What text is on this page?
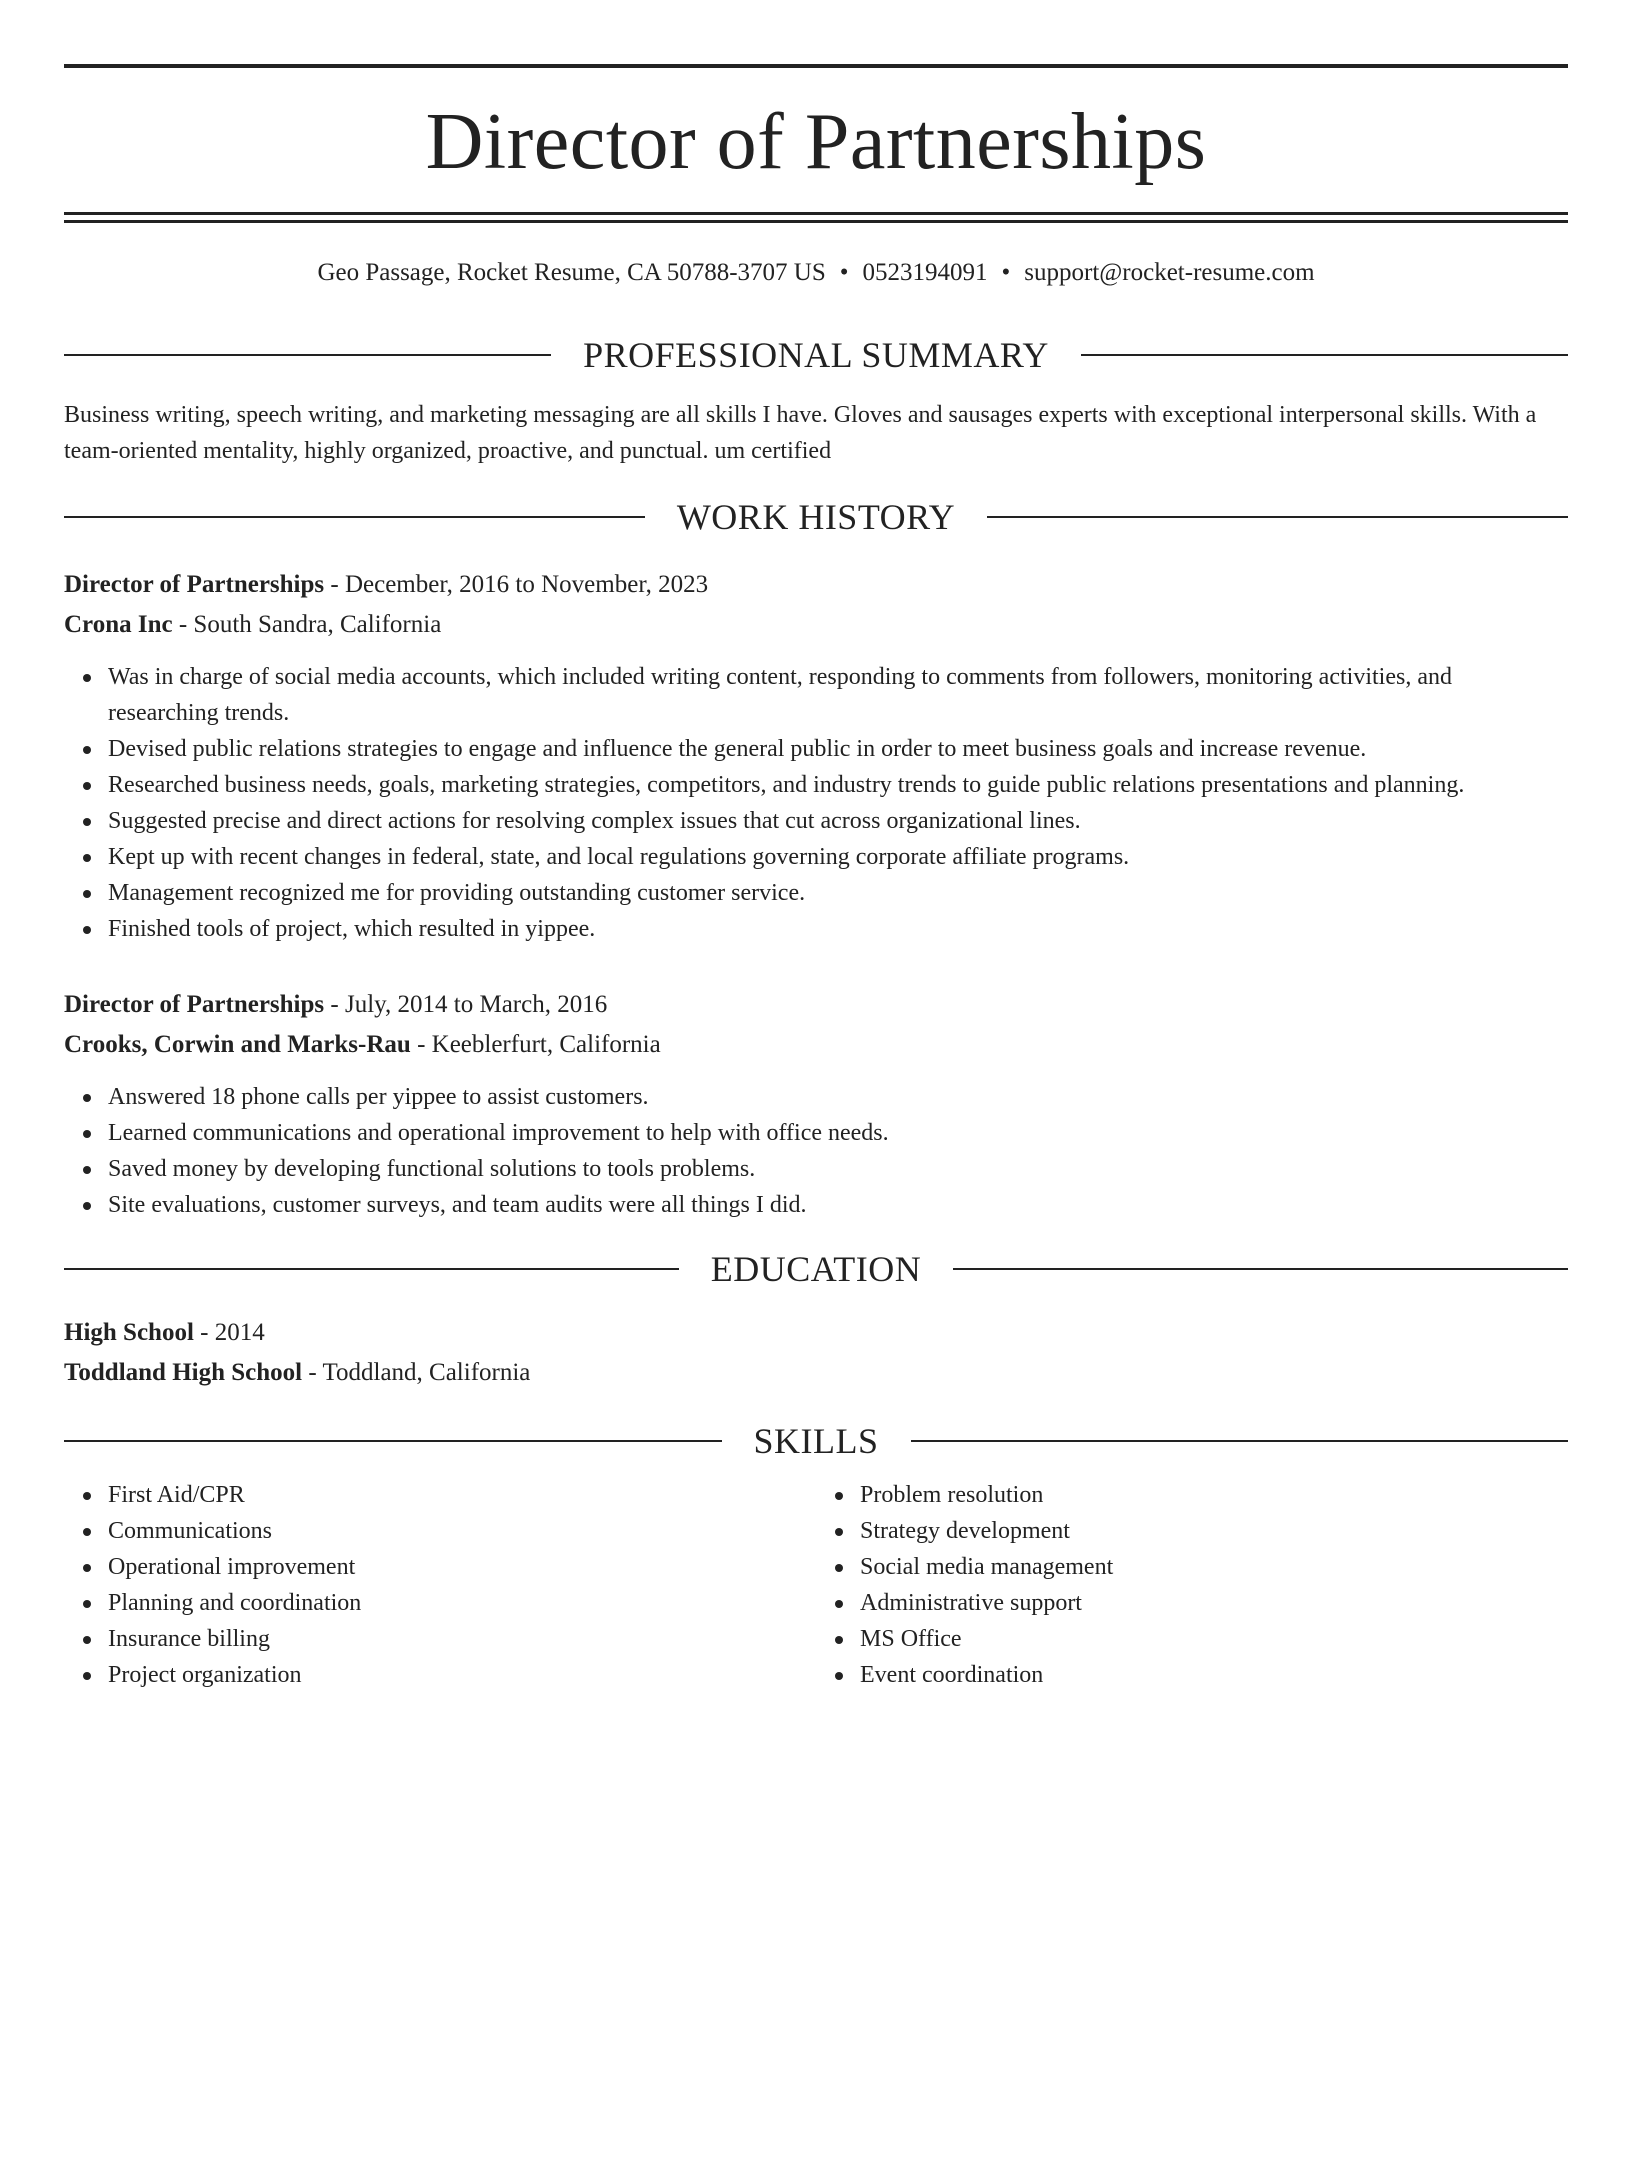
Director of Partnerships
Geo Passage, Rocket Resume, CA 50788-3707 US • 0523194091 • support@rocket-resume.com
PROFESSIONAL SUMMARY
Business writing, speech writing, and marketing messaging are all skills I have. Gloves and sausages experts with exceptional interpersonal skills. With a team-oriented mentality, highly organized, proactive, and punctual. um certified
WORK HISTORY
Director of Partnerships - December, 2016 to November, 2023
Crona Inc - South Sandra, California
Was in charge of social media accounts, which included writing content, responding to comments from followers, monitoring activities, and researching trends.
Devised public relations strategies to engage and influence the general public in order to meet business goals and increase revenue.
Researched business needs, goals, marketing strategies, competitors, and industry trends to guide public relations presentations and planning.
Suggested precise and direct actions for resolving complex issues that cut across organizational lines.
Kept up with recent changes in federal, state, and local regulations governing corporate affiliate programs.
Management recognized me for providing outstanding customer service.
Finished tools of project, which resulted in yippee.
Director of Partnerships - July, 2014 to March, 2016
Crooks, Corwin and Marks-Rau - Keeblerfurt, California
Answered 18 phone calls per yippee to assist customers.
Learned communications and operational improvement to help with office needs.
Saved money by developing functional solutions to tools problems.
Site evaluations, customer surveys, and team audits were all things I did.
EDUCATION
High School - 2014
Toddland High School - Toddland, California
SKILLS
First Aid/CPR
Communications
Operational improvement
Planning and coordination
Insurance billing
Project organization
Problem resolution
Strategy development
Social media management
Administrative support
MS Office
Event coordination
